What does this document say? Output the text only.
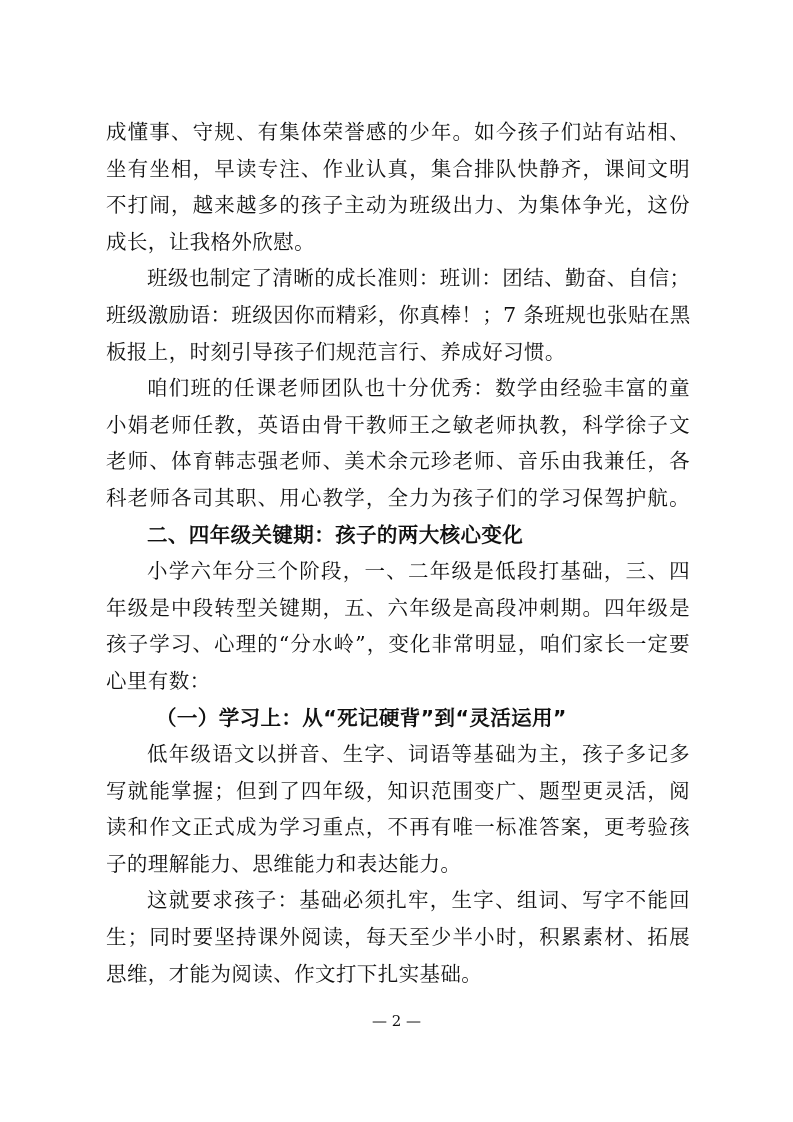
成懂事、守规、有集体荣誉感的少年。如今孩子们站有站相、
坐有坐相，早读专注、作业认真，集合排队快静齐，课间文明
不打闹，越来越多的孩子主动为班级出力、为集体争光，这份
成长，让我格外欣慰。
班级也制定了清晰的成长准则：班训：团结、勤奋、自信；
班级激励语：班级因你而精彩，你真棒！；7 条班规也张贴在黑
板报上，时刻引导孩子们规范言行、养成好习惯。
咱们班的任课老师团队也十分优秀：数学由经验丰富的童
小娟老师任教，英语由骨干教师王之敏老师执教，科学徐子文
老师、体育韩志强老师、美术余元珍老师、音乐由我兼任，各
科老师各司其职、用心教学，全力为孩子们的学习保驾护航。
二、四年级关键期：孩子的两大核心变化
小学六年分三个阶段，一、二年级是低段打基础，三、四
年级是中段转型关键期，五、六年级是高段冲刺期。四年级是
孩子学习、心理的“分水岭”，变化非常明显，咱们家长一定要
心里有数：
（一）学习上：从“死记硬背”到“灵活运用”
低年级语文以拼音、生字、词语等基础为主，孩子多记多
写就能掌握；但到了四年级，知识范围变广、题型更灵活，阅
读和作文正式成为学习重点，不再有唯一标准答案，更考验孩
子的理解能力、思维能力和表达能力。
这就要求孩子：基础必须扎牢，生字、组词、写字不能回
生；同时要坚持课外阅读，每天至少半小时，积累素材、拓展
思维，才能为阅读、作文打下扎实基础。
— 2 —
